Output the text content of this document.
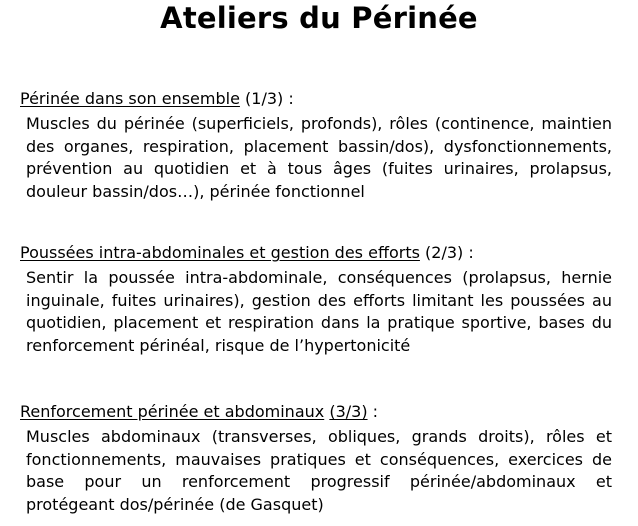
Ateliers du Périnée
Périnée dans son ensemble (1/3) :
Muscles du périnée (superficiels, profonds), rôles (continence, maintien des organes, respiration, placement bassin/dos), dysfonctionnements, prévention au quotidien et à tous âges (fuites urinaires, prolapsus, douleur bassin/dos…), périnée fonctionnel
Poussées intra-abdominales et gestion des efforts (2/3) :
Sentir la poussée intra-abdominale, conséquences (prolapsus, hernie inguinale, fuites urinaires), gestion des efforts limitant les poussées au quotidien, placement et respiration dans la pratique sportive, bases du renforcement périnéal, risque de l’hypertonicité
Renforcement périnée et abdominaux (3/3) :
Muscles abdominaux (transverses, obliques, grands droits), rôles et fonctionnements, mauvaises pratiques et conséquences, exercices de base pour un renforcement progressif périnée/abdominaux et protégeant dos/périnée (de Gasquet)
